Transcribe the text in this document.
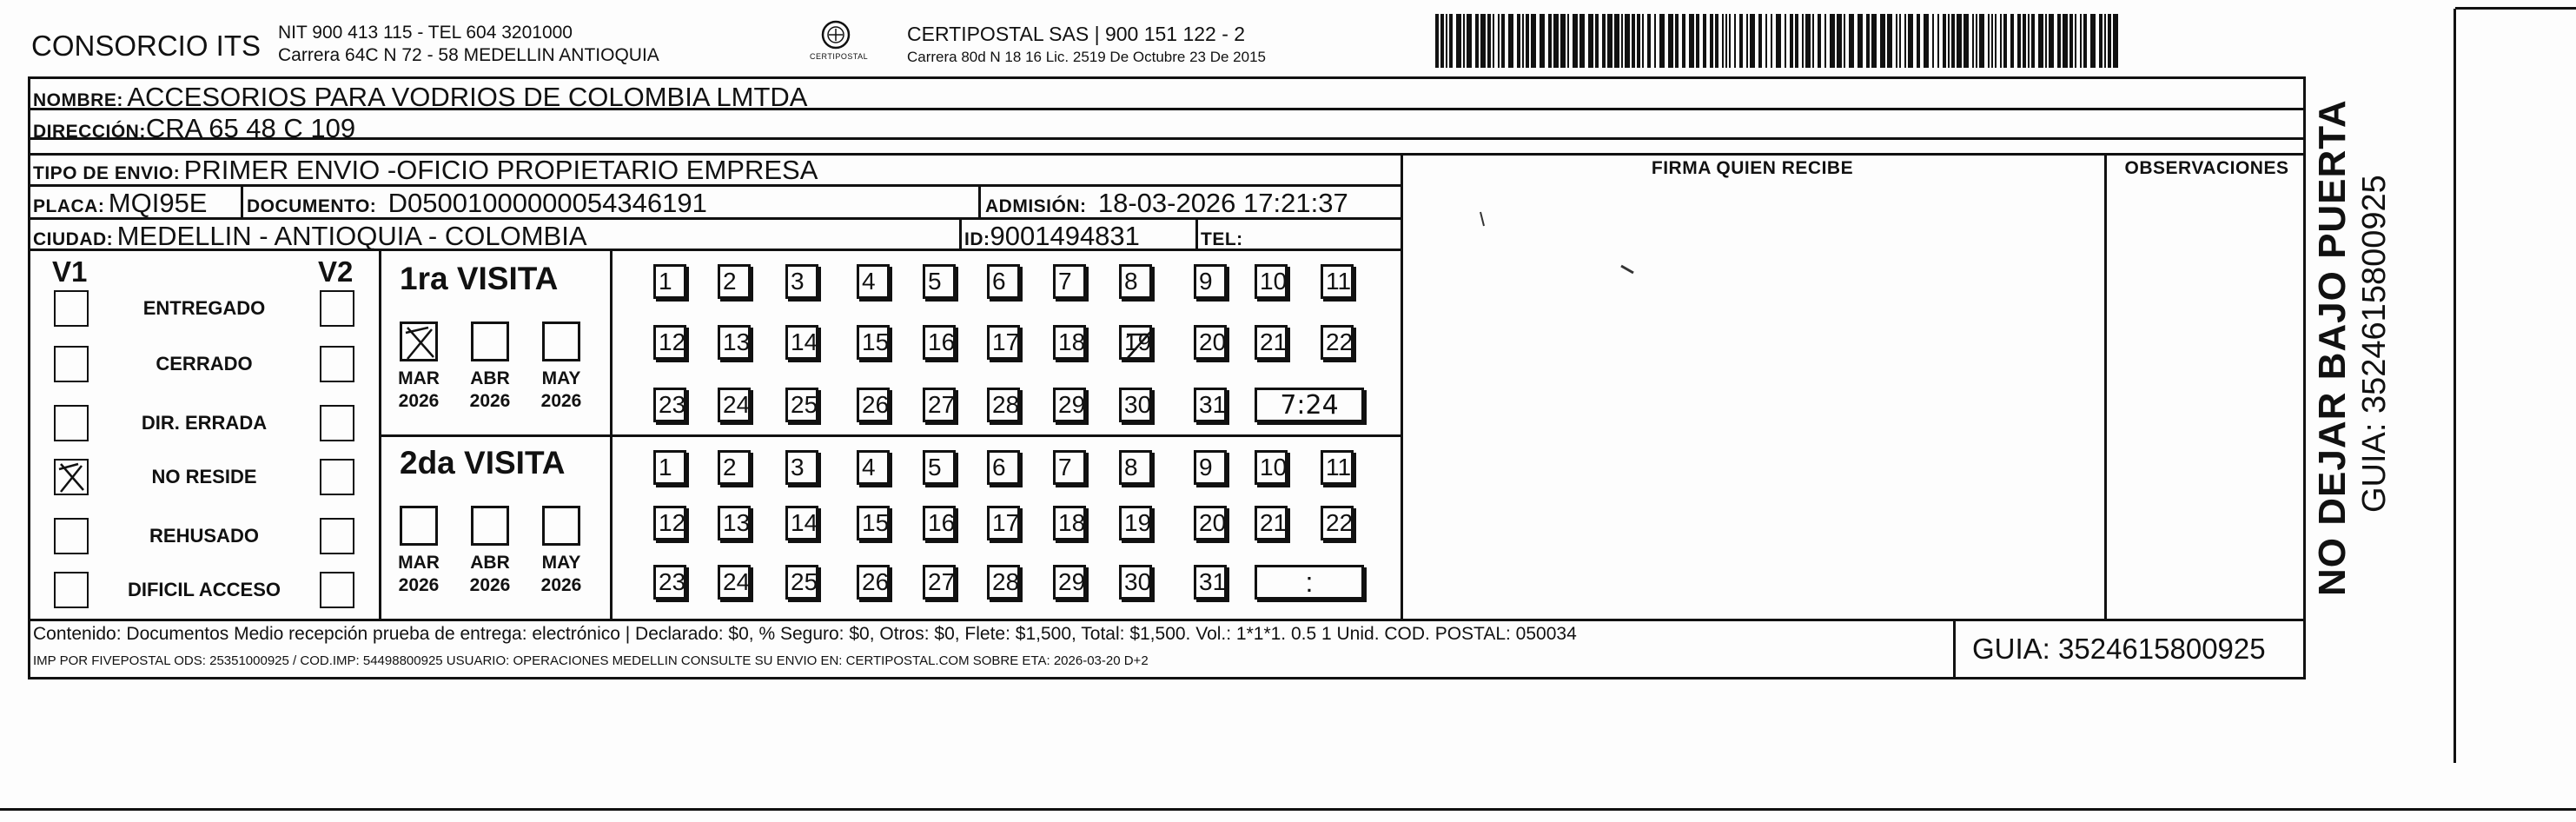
CONSORCIO ITS NIT 900 413 115 - TEL 604 3201000
Carrera 64C N 72 - 58 MEDELLIN ANTIOQUIA	CERTIPOSTAL
CERTIPOSTAL SAS | 900 151 122 - 2
Carrera 80d N 18 16 Lic. 2519 De Octubre 23 De 2015
NOMBRE: ACCESORIOS PARA VODRIOS DE COLOMBIA LMTDA
DIRECCIÓN:CRA 65 48 C 109
TIPO DE ENVIO: PRIMER ENVIO -OFICIO PROPIETARIO EMPRESA
PLACA: MQI95E DOCUMENTO: D05001000000054346191	ADMISIÓN: 18-03-2026 17:21:37
CIUDAD: MEDELLIN - ANTIOQUIA - COLOMBIA	ID:9001494831	TEL:
FIRMA QUIEN RECIBE	OBSERVACIONES
V1	V2
ENTREGADO
CERRADO
DIR. ERRADA
NO RESIDE
REHUSADO
DIFICIL ACCESO
1ra VISITA
MAR
2026
ABR
2026
MAY
2026
1	2	3	4	5	6	7	8	9	10 11
12 13 14 15 16 17 18 19 20 21 22
23 24 25 26 27 28 29 30 31	7:24
2da VISITA
MAR
2026
ABR
2026
MAY
2026
1	2	3	4	5	6	7	8	9	10 11
12 13 14 15 16 17 18 19 20 21 22
23 24 25 26 27 28 29 30 31	:
Contenido: Documentos Medio recepción prueba de entrega: electrónico | Declarado: $0, % Seguro: $0, Otros: $0, Flete: $1,500, Total: $1,500. Vol.: 1*1*1. 0.5 1 Unid. COD. POSTAL: 050034
IMP POR FIVEPOSTAL ODS: 25351000925 / COD.IMP: 54498800925 USUARIO: OPERACIONES MEDELLIN CONSULTE SU ENVIO EN: CERTIPOSTAL.COM SOBRE ETA: 2026-03-20 D+2	GUIA: 3524615800925
NO DEJAR BAJO PUERTA GUIA: 3524615800925
